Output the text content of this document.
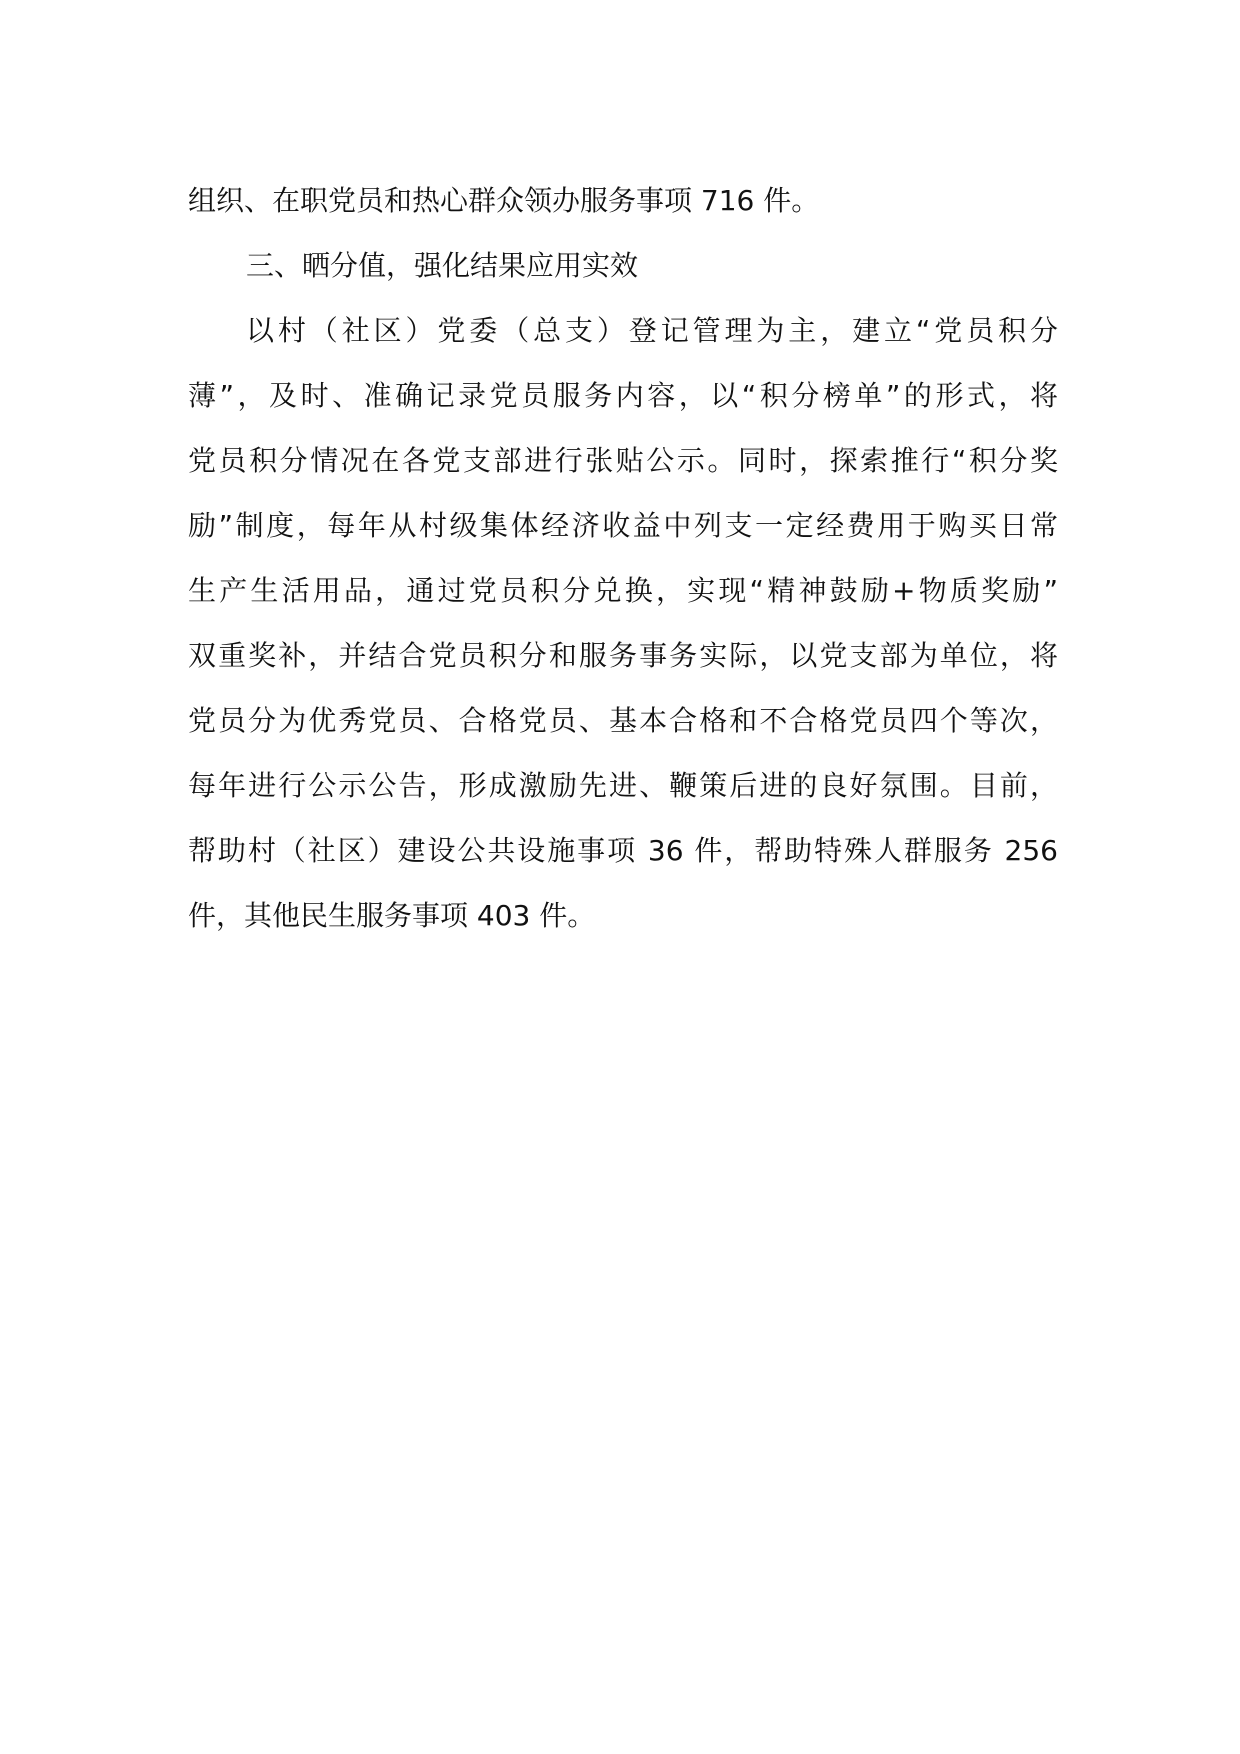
组织、在职党员和热心群众领办服务事项 716 件。
三、晒分值，强化结果应用实效
以村（社区）党委（总支）登记管理为主，建立“党员积分
薄”，及时、准确记录党员服务内容，以“积分榜单”的形式，将
党员积分情况在各党支部进行张贴公示。同时，探索推行“积分奖
励”制度，每年从村级集体经济收益中列支一定经费用于购买日常
生产生活用品，通过党员积分兑换，实现“精神鼓励+物质奖励”
双重奖补，并结合党员积分和服务事务实际，以党支部为单位，将
党员分为优秀党员、合格党员、基本合格和不合格党员四个等次，
每年进行公示公告，形成激励先进、鞭策后进的良好氛围。目前，
帮助村（社区）建设公共设施事项 36 件，帮助特殊人群服务 256
件，其他民生服务事项 403 件。
